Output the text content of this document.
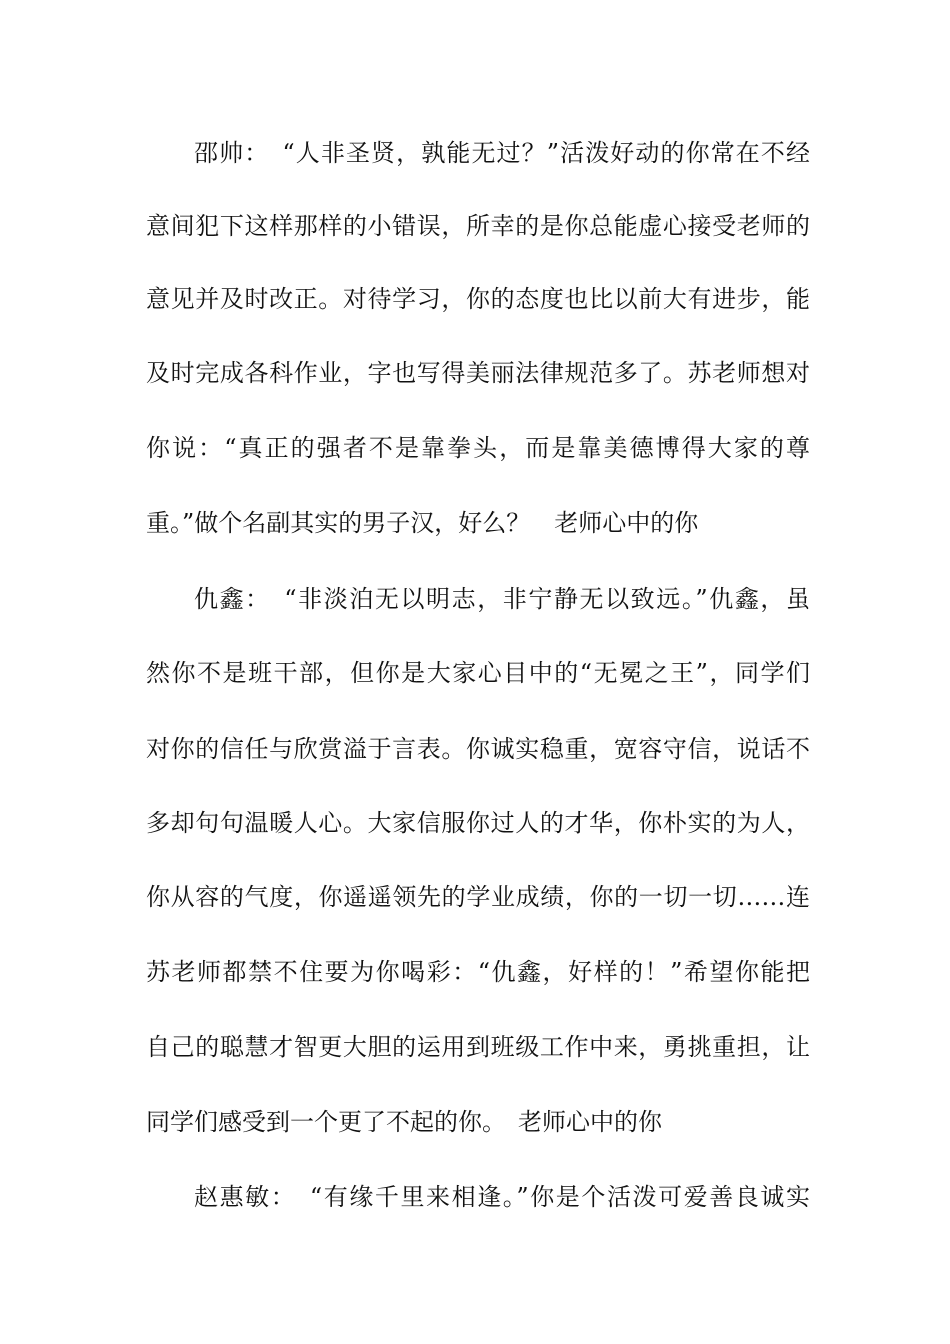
邵帅：　“人非圣贤，孰能无过？”活泼好动的你常在不经
意间犯下这样那样的小错误，所幸的是你总能虚心接受老师的
意见并及时改正。对待学习，你的态度也比以前大有进步，能
及时完成各科作业，字也写得美丽法律规范多了。苏老师想对
你说：“真正的强者不是靠拳头，而是靠美德博得大家的尊
重。”做个名副其实的男子汉，好么？　老师心中的你
仇鑫：　“非淡泊无以明志，非宁静无以致远。”仇鑫，虽
然你不是班干部，但你是大家心目中的“无冕之王”，同学们
对你的信任与欣赏溢于言表。你诚实稳重，宽容守信，说话不
多却句句温暖人心。大家信服你过人的才华，你朴实的为人，
你从容的气度，你遥遥领先的学业成绩，你的一切一切……连
苏老师都禁不住要为你喝彩：“仇鑫，好样的！”希望你能把
自己的聪慧才智更大胆的运用到班级工作中来，勇挑重担，让
同学们感受到一个更了不起的你。　老师心中的你
赵惠敏：　“有缘千里来相逢。”你是个活泼可爱善良诚实
